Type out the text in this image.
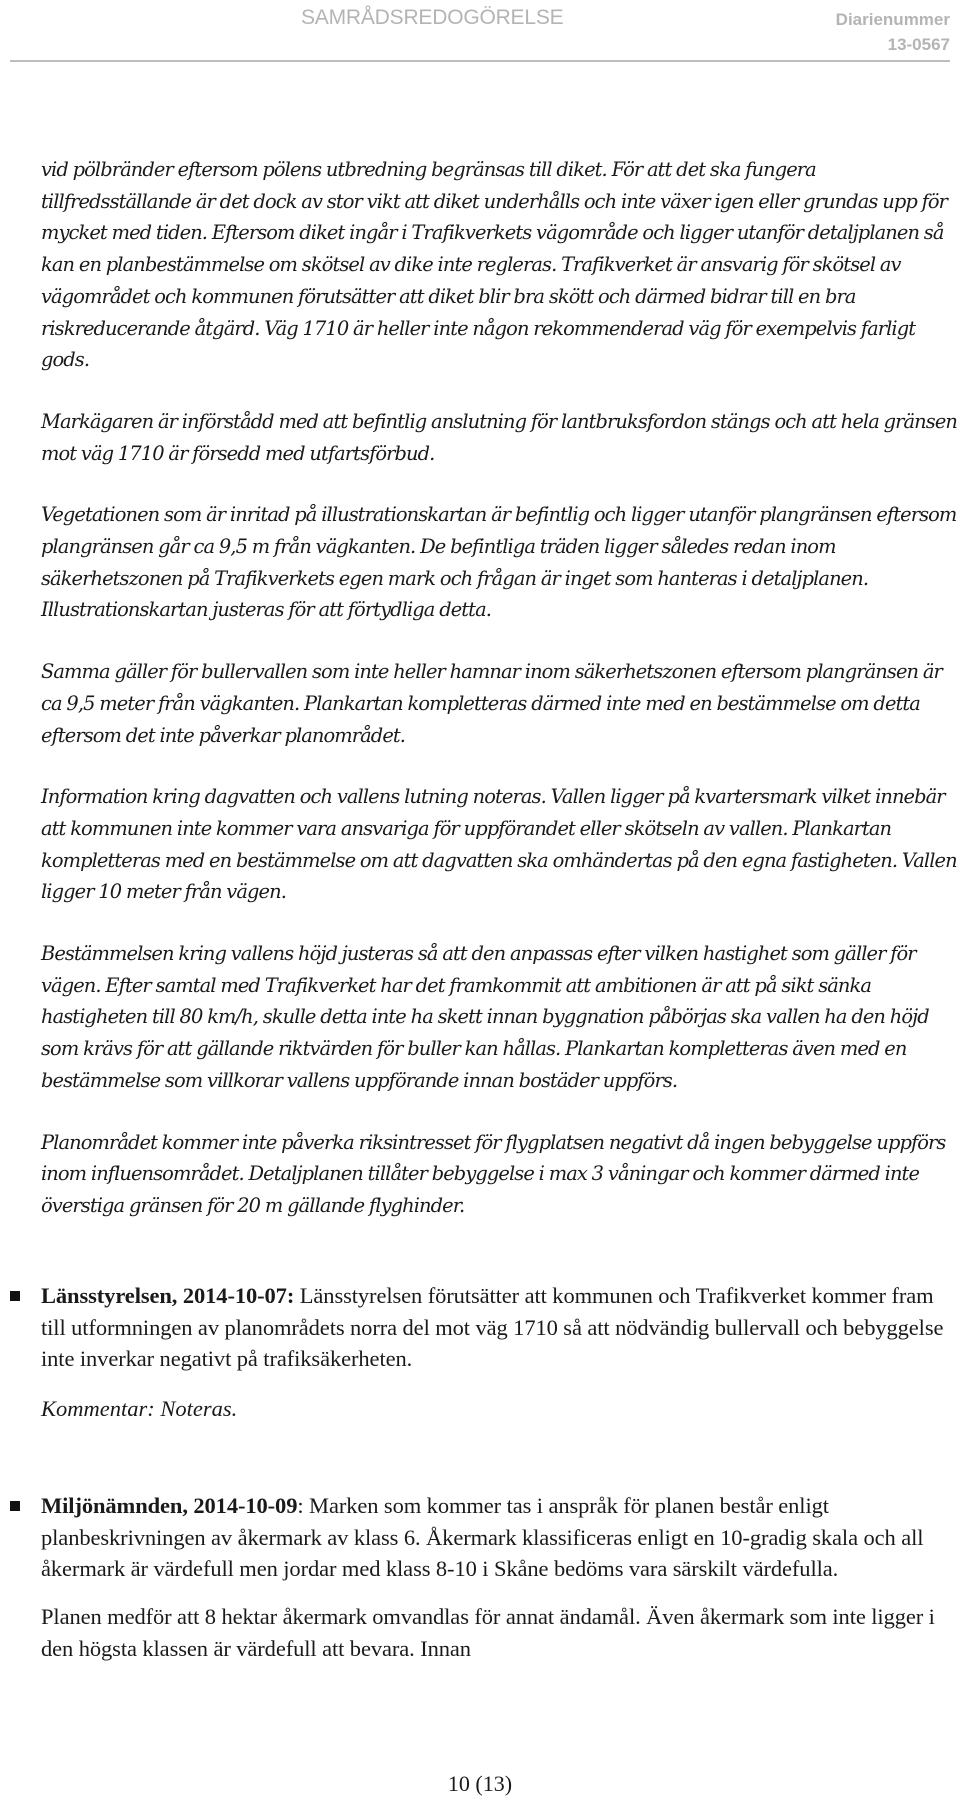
SAMRÅDSREDOGÖRELSE	Diarienummer
13-0567

vid pölbränder eftersom pölens utbredning begränsas till diket. För att det ska fungera tillfredsställande är det dock av stor vikt att diket underhålls och inte växer igen eller grundas upp för mycket med tiden. Eftersom diket ingår i Trafikverkets vägområde och ligger utanför detaljplanen så kan en planbestämmelse om skötsel av dike inte regleras. Trafikverket är ansvarig för skötsel av vägområdet och kommunen förutsätter att diket blir bra skött och därmed bidrar till en bra riskreducerande åtgärd. Väg 1710 är heller inte någon rekommenderad väg för exempelvis farligt gods.

Markägaren är införstådd med att befintlig anslutning för lantbruksfordon stängs och att hela gränsen mot väg 1710 är försedd med utfartsförbud.

Vegetationen som är inritad på illustrationskartan är befintlig och ligger utanför plangränsen eftersom plangränsen går ca 9,5 m från vägkanten. De befintliga träden ligger således redan inom säkerhetszonen på Trafikverkets egen mark och frågan är inget som hanteras i detaljplanen. Illustrationskartan justeras för att förtydliga detta.

Samma gäller för bullervallen som inte heller hamnar inom säkerhetszonen eftersom plangränsen är ca 9,5 meter från vägkanten. Plankartan kompletteras därmed inte med en bestämmelse om detta eftersom det inte påverkar planområdet.

Information kring dagvatten och vallens lutning noteras. Vallen ligger på kvartersmark vilket innebär att kommunen inte kommer vara ansvariga för uppförandet eller skötseln av vallen. Plankartan kompletteras med en bestämmelse om att dagvatten ska omhändertas på den egna fastigheten. Vallen ligger 10 meter från vägen.

Bestämmelsen kring vallens höjd justeras så att den anpassas efter vilken hastighet som gäller för vägen. Efter samtal med Trafikverket har det framkommit att ambitionen är att på sikt sänka hastigheten till 80 km/h, skulle detta inte ha skett innan byggnation påbörjas ska vallen ha den höjd som krävs för att gällande riktvärden för buller kan hållas. Plankartan kompletteras även med en bestämmelse som villkorar vallens uppförande innan bostäder uppförs.

Planområdet kommer inte påverka riksintresset för flygplatsen negativt då ingen bebyggelse uppförs inom influensområdet. Detaljplanen tillåter bebyggelse i max 3 våningar och kommer därmed inte överstiga gränsen för 20 m gällande flyghinder.

Länsstyrelsen, 2014-10-07: Länsstyrelsen förutsätter att kommunen och Trafikverket kommer fram till utformningen av planområdets norra del mot väg 1710 så att nödvändig bullervall och bebyggelse inte inverkar negativt på trafiksäkerheten.

Kommentar: Noteras.

Miljönämnden, 2014-10-09: Marken som kommer tas i anspråk för planen består enligt planbeskrivningen av åkermark av klass 6. Åkermark klassificeras enligt en 10-gradig skala och all åkermark är värdefull men jordar med klass 8-10 i Skåne bedöms vara särskilt värdefulla.

Planen medför att 8 hektar åkermark omvandlas för annat ändamål. Även åkermark som inte ligger i den högsta klassen är värdefull att bevara. Innan

10 (13)
